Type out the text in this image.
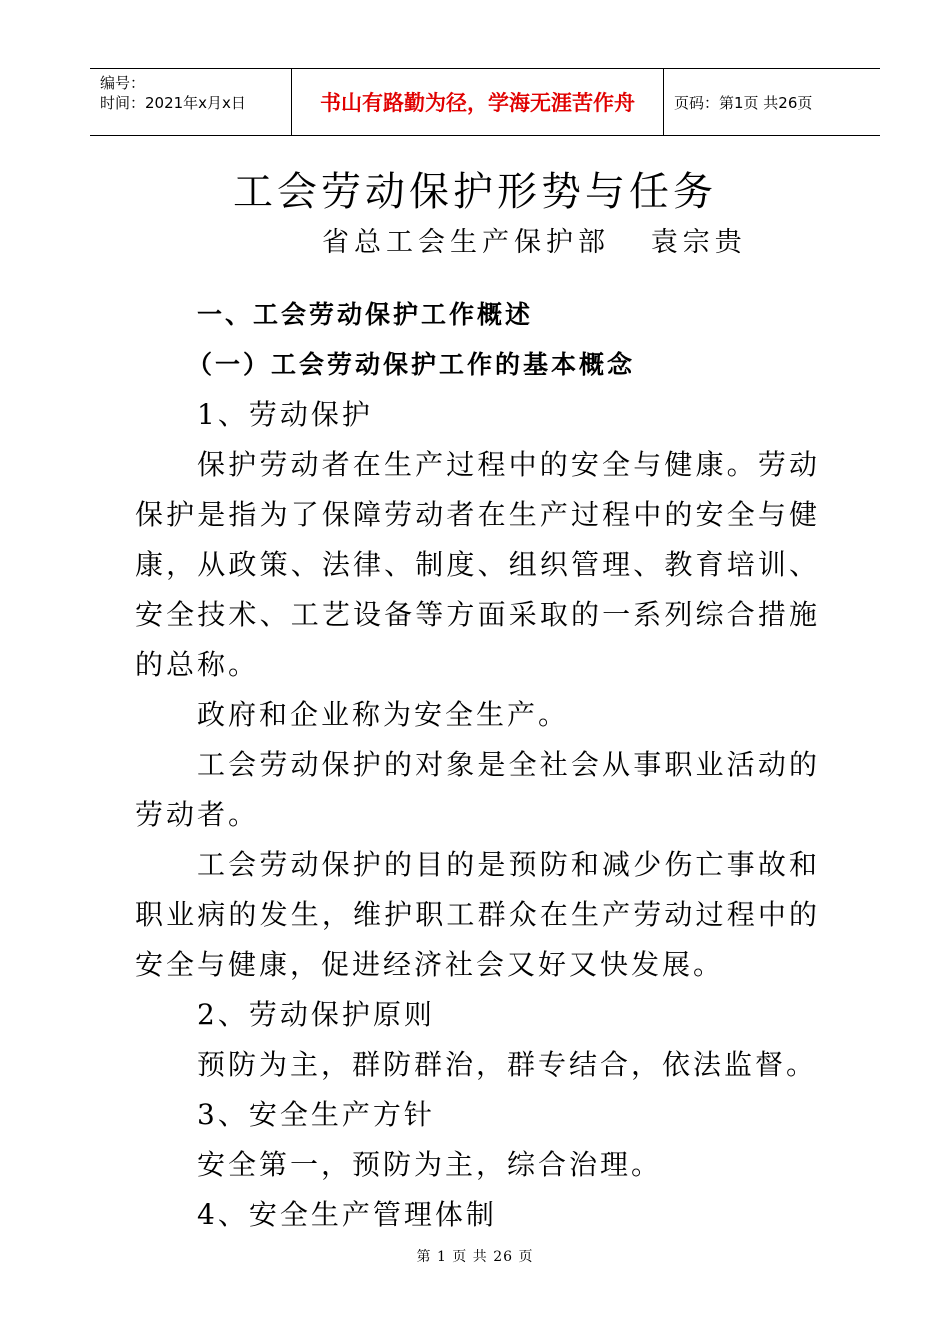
编号：
时间：2021年x月x日	书山有路勤为径，学海无涯苦作舟	页码：第1页 共26页
工会劳动保护形势与任务
省总工会生产保护部   袁宗贵

一、工会劳动保护工作概述

（一）工会劳动保护工作的基本概念

1、劳动保护

保护劳动者在生产过程中的安全与健康。劳动保护是指为了保障劳动者在生产过程中的安全与健康，从政策、法律、制度、组织管理、教育培训、安全技术、工艺设备等方面采取的一系列综合措施的总称。

政府和企业称为安全生产。

工会劳动保护的对象是全社会从事职业活动的劳动者。

工会劳动保护的目的是预防和减少伤亡事故和职业病的发生，维护职工群众在生产劳动过程中的安全与健康，促进经济社会又好又快发展。

2、劳动保护原则

预防为主，群防群治，群专结合，依法监督。

3、安全生产方针

安全第一，预防为主，综合治理。

4、安全生产管理体制

第 1 页 共 26 页
